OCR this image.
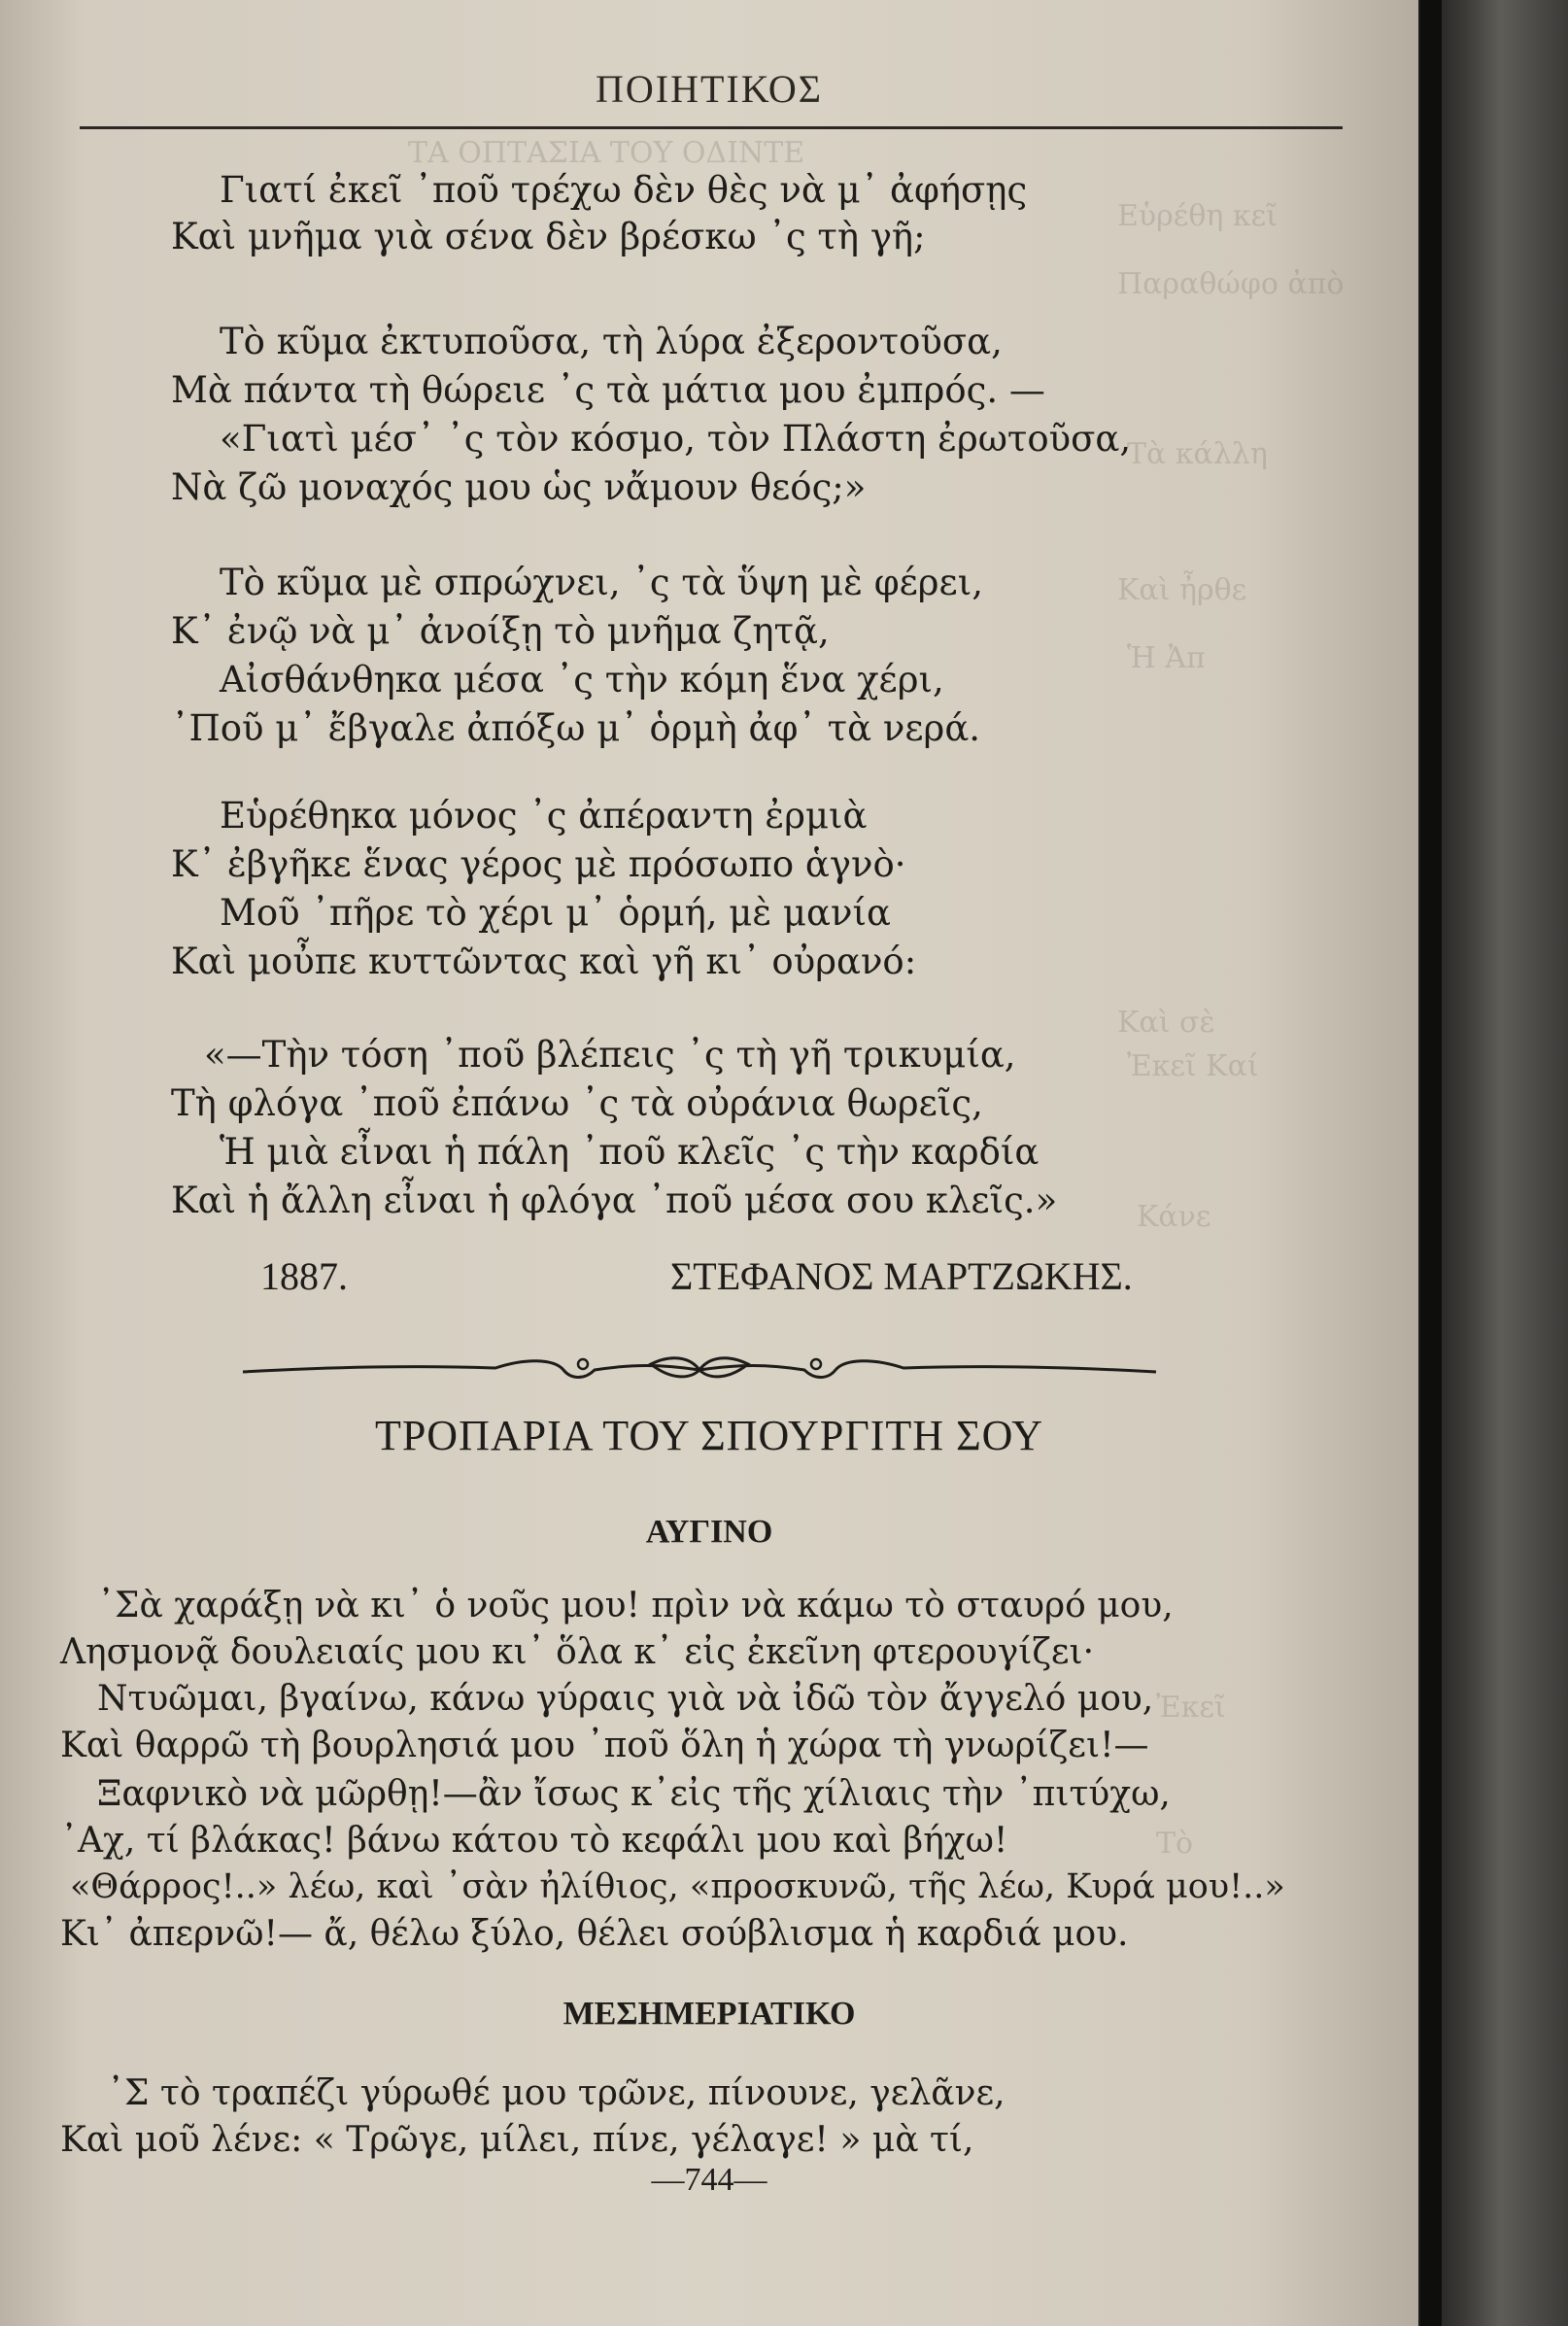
ΤΑ ΟΠΤΑΣΙΑ ΤΟΥ ΟΔΙΝΤΕ
Εὑρέθη κεῖ
Παραθώφο ἀπὸ
Τὰ κάλλη
Καὶ ἦρθε
Ἡ Ἀπ
Καὶ σὲ
Ἐκεῖ Καί
Κάνε
Ἐκεῖ
Τὸ
ΠΟΙΗΤΙΚΟΣ
Γιατί ἐκεῖ ᾽ποῦ τρέχω δὲν θὲς νὰ μ᾽ ἀφήσῃς
Καὶ μνῆμα γιὰ σένα δὲν βρέσκω ᾽ς τὴ γῆ;
Τὸ κῦμα ἐκτυποῦσα, τὴ λύρα ἐξεροντοῦσα,
Μὰ πάντα τὴ θώρειε ᾽ς τὰ μάτια μου ἐμπρός. —
«Γιατὶ μέσ᾽ ᾽ς τὸν κόσμο, τὸν Πλάστη ἐρωτοῦσα,
Νὰ ζῶ μοναχός μου ὡς νἄμουν θεός;»
Τὸ κῦμα μὲ σπρώχνει, ᾽ς τὰ ὕψη μὲ φέρει,
Κ᾽ ἐνῷ νὰ μ᾽ ἀνοίξῃ τὸ μνῆμα ζητᾷ,
Αἰσθάνθηκα μέσα ᾽ς τὴν κόμη ἕνα χέρι,
᾽Ποῦ μ᾽ ἔβγαλε ἀπόξω μ᾽ ὁρμὴ ἀφ᾽ τὰ νερά.
Εὑρέθηκα μόνος ᾽ς ἀπέραντη ἐρμιὰ
Κ᾽ ἐβγῆκε ἕνας γέρος μὲ πρόσωπο ἁγνὸ·
Μοῦ ᾽πῆρε τὸ χέρι μ᾽ ὁρμή, μὲ μανία
Καὶ μοὖπε κυττῶντας καὶ γῆ κι᾽ οὐρανό:
«—Τὴν τόση ᾽ποῦ βλέπεις ᾽ς τὴ γῆ τρικυμία,
Τὴ φλόγα ᾽ποῦ ἐπάνω ᾽ς τὰ οὐράνια θωρεῖς,
Ἡ μιὰ εἶναι ἡ πάλη ᾽ποῦ κλεῖς ᾽ς τὴν καρδία
Καὶ ἡ ἄλλη εἶναι ἡ φλόγα ᾽ποῦ μέσα σου κλεῖς.»
1887.	ΣΤΕΦΑΝΟΣ ΜΑΡΤΖΩΚΗΣ.
ΤΡΟΠΑΡΙΑ ΤΟΥ ΣΠΟΥΡΓΙΤΗ ΣΟΥ
ΑΥΓΙΝΟ
᾽Σὰ χαράξῃ νὰ κι᾽ ὁ νοῦς μου! πρὶν νὰ κάμω τὸ σταυρό μου,
Λησμονᾷ δουλειαίς μου κι᾽ ὅλα κ᾽ εἰς ἐκεῖνη φτερουγίζει·
Ντυῶμαι, βγαίνω, κάνω γύραις γιὰ νὰ ἰδῶ τὸν ἄγγελό μου,
Καὶ θαρρῶ τὴ βουρλησιά μου ᾽ποῦ ὅλη ἡ χώρα τὴ γνωρίζει!—
Ξαφνικὸ νὰ μῶρθῃ!—ἂν ἴσως κ᾽εἰς τῆς χίλιαις τὴν ᾽πιτύχω,
᾽Αχ, τί βλάκας! βάνω κάτου τὸ κεφάλι μου καὶ βήχω!
«Θάρρος!..» λέω, καὶ ᾽σὰν ἠλίθιος, «προσκυνῶ, τῆς λέω, Κυρά μου!..»
Κι᾽ ἀπερνῶ!— ἄ, θέλω ξύλο, θέλει σούβλισμα ἡ καρδιά μου.
ΜΕΣΗΜΕΡΙΑΤΙΚΟ
᾽Σ τὸ τραπέζι γύρωθέ μου τρῶνε, πίνουνε, γελᾶνε,
Καὶ μοῦ λένε: « Τρῶγε, μίλει, πίνε, γέλαγε! » μὰ τί,
—744—
